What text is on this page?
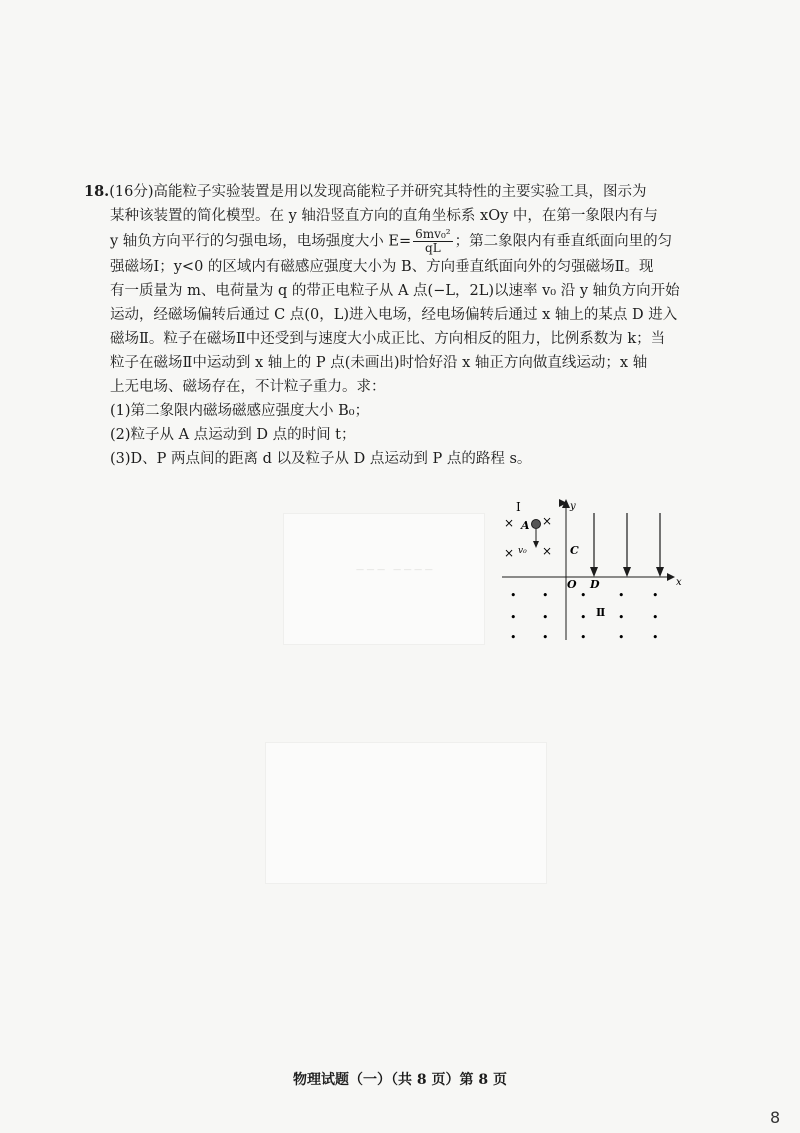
18.(16分)高能粒子实验装置是用以发现高能粒子并研究其特性的主要实验工具，图示为
某种该装置的简化模型。在 y 轴沿竖直方向的直角坐标系 xOy 中，在第一象限内有与
y 轴负方向平行的匀强电场，电场强度大小 $E= \frac{\text{6mv₀²}}{qL}$ ；第二象限内有垂直纸面向里的匀
强磁场Ⅰ；y<0 的区域内有磁感应强度大小为 B、方向垂直纸面向外的匀强磁场Ⅱ。现
有一质量为 m、电荷量为 q 的带正电粒子从 A 点(−L，2L)以速率 v₀ 沿 y 轴负方向开始
运动，经磁场偏转后通过 C 点(0，L)进入电场，经电场偏转后通过 x 轴上的某点 D 进入
磁场Ⅱ。粒子在磁场Ⅱ中还受到与速度大小成正比、方向相反的阻力，比例系数为 k；当
粒子在磁场Ⅱ中运动到 x 轴上的 P 点(未画出)时恰好沿 x 轴正方向做直线运动；x 轴
上无电场、磁场存在，不计粒子重力。求：
(1)第二象限内磁场磁感应强度大小 B₀；
(2)粒子从 A 点运动到 D 点的时间 t；
(3)D、P 两点间的距离 d 以及粒子从 D 点运动到 P 点的路程 s。
— — —　— — — —
Ⅰ
× ×
× ×
A
v₀	C
O D	x
y
• •	•	•	•
• •	• Ⅱ •	•
• •	•	•	•
物理试题（一）（共 8 页）第 8 页
8
